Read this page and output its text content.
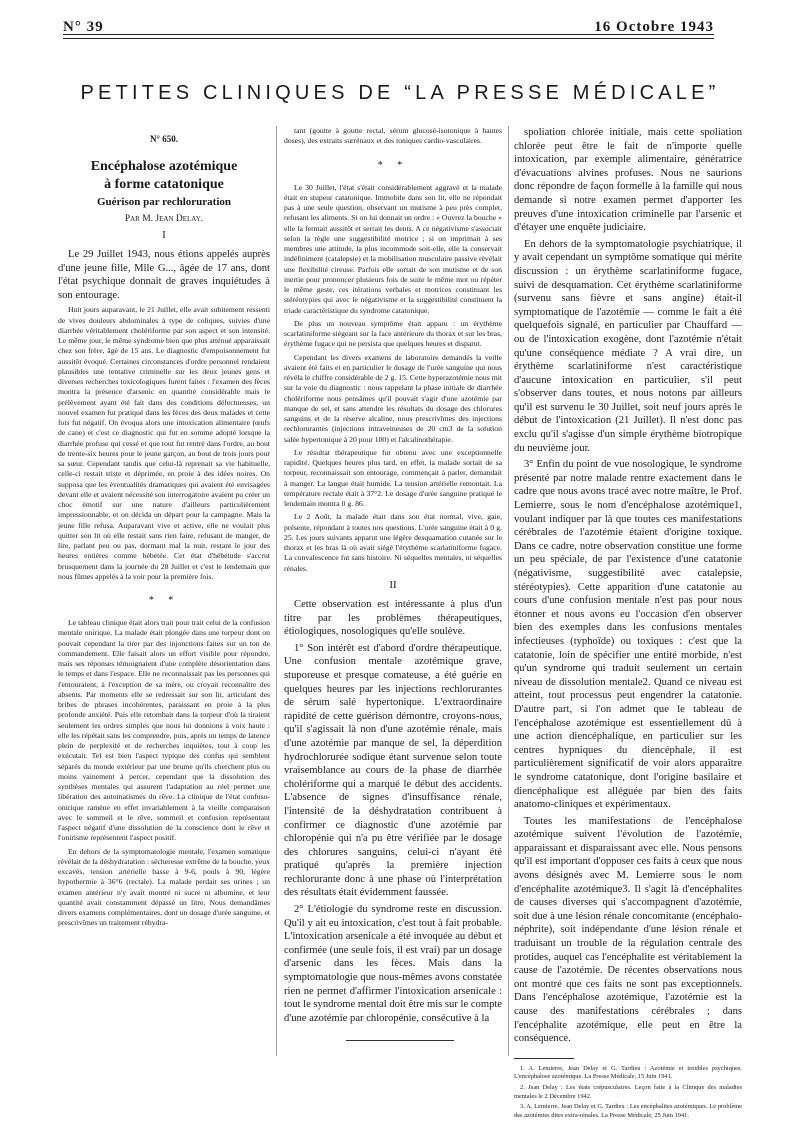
N° 39	16 Octobre 1943
PETITES CLINIQUES DE “LA PRESSE MÉDICALE”
N° 650.
Encéphalose azotémique
à forme catatonique
Guérison par rechloruration
Par M. Jean Delay.
I

Le 29 Juillet 1943, nous étions appelés auprès d'une jeune fille, Mlle G..., âgée de 17 ans, dont l'état psychique donnait de graves inquiétudes à son entourage.

Huit jours auparavant, le 21 Juillet, elle avait subitement ressenti de vives douleurs abdominales à type de coliques, suivies d'une diarrhée véritablement cholériforme par son aspect et son intensité. Le même jour, le même syndrome bien que plus atténué apparaissait chez son frère, âgé de 15 ans. Le diagnostic d'empoisonnement fut aussitôt évoqué. Certaines circonstances d'ordre personnel rendaient plausibles une tentative criminelle sur les deux jeunes gens et diverses recherches toxicologiques furent faites : l'examen des fèces montra la présence d'arsenic en quantité considérable mais le prélèvement ayant été fait dans des conditions défectueuses, un nouvel examen fut pratiqué dans les fèces des deux malades et cette fois fut négatif. On évoqua alors une intoxication alimentaire (œufs de cane) et c'est ce diagnostic qui fut en somme adopté lorsque la diarrhée profuse qui cessé et que tout fut rentré dans l'ordre, au bout de trente-six heures pour le jeune garçon, au bout de trois jours pour sa sœur. Cependant tandis que celui-là reprenait sa vie habituelle, celle-ci restait triste et déprimée, en proie à des idées noires. On supposa que les éventualités dramatiques qui avaient été envisagées devant elle et avaient nécessité son interrogatoire avaient pu créer un choc émotif sur une nature d'ailleurs particulièrement impressionnable, et on décida un départ pour la campagne. Mais la jeune fille refusa. Auparavant vive et active, elle ne voulait plus quitter son lit où elle restait sans rien faire, refusant de manger, de lire, parlant peu ou pas, dormant mal la nuit, restant le jour des heures entières comme hébétée. Cet état d'hébétude s'accrut brusquement dans la journée du 28 Juillet et c'est le lendemain que nous fûmes appelés à la voir pour la première fois.

* *

Le tableau clinique était alors trait pour trait celui de la confusion mentale onirique. La malade était plongée dans une torpeur dont on pouvait cependant la tirer par des injonctions faites sur un ton de commandement. Elle faisait alors un effort visible pour répondre, mais ses réponses témoignaient d'une complète désorientation dans le temps et dans l'espace. Elle ne reconnaissait pas les personnes qui l'entouraient, à l'exception de sa mère, ou croyait reconnaître des absents. Par moments elle se redressait sur son lit, articulant des bribes de phrases incohérentes, paraissant en proie à la plus profonde anxiété. Puis elle retombait dans la torpeur d'où la tiraient seulement les ordres simples que nous lui donnions à voix haute : elle les répétait sans les comprendre, puis, après un temps de latence plein de perplexité et de recherches inquiètes, tout à coup les exécutait. Tel est bien l'aspect typique des confus qui semblent séparés du monde extérieur par une brume qu'ils cherchent plus ou moins vainement à percer, cependant que la dissolution des synthèses mentales qui assurent l'adaptation au réel permet une libération des automatismes du rêve. La clinique de l'état confuso-onirique ramène en effet invariablement à la vieille comparaison avec le sommeil et le rêve, sommeil et confusion représentant l'aspect négatif d'une dissolution de la conscience dont le rêve et l'onirisme représentent l'aspect positif.

En dehors de la symptomatologie mentale, l'examen somatique révélait de la déshydratation : sécheresse extrême de la bouche, yeux excavés, tension artérielle basse à 9-6, pouls à 90, légère hypothermie à 36°6 (rectale). La malade perdait ses urines ; un examen antérieur n'y avait montré ni sucre ni albumine, et leur quantité avait constamment dépassé un litre. Nous demandâmes divers examens complémentaires, dont un dosage d'urée sanguine, et prescrivîmes un traitement réhydra-

tant (goutte à goutte rectal, sérum glucosé-isotonique à hautes doses), des extraits surrénaux et des toniques cardio-vasculaires.

* *

Le 30 Juillet, l'état s'était considérablement aggravé et la malade était en stupeur catatonique. Immobile dans son lit, elle ne répondait pas à une seule question, observant un mutisme à peu près complet, refusant les aliments. Si on lui donnait un ordre : « Ouvrez la bouche » elle la fermait aussitôt et serrait les dents. A ce négativisme s'associait selon la règle une suggestibilité motrice ; si on imprimait à ses membres une attitude, la plus incommode soit-elle, elle la conservait indéfiniment (catalepsie) et la mobilisation musculaire passive révélait une flexibilité cireuse. Parfois elle sortait de son mutisme et de son inertie pour prononcer plusieurs fois de suite le même mot ou répéter le même geste, ces itérations verbales et motrices constituant les stéréotypies qui avec le négativisme et la suggestibilité constituent la triade caractéristique du syndrome catatonique.

De plus un nouveau symptôme était apparu : un érythème scarlatiniforme siégeant sur la face antérieure du thorax et sur les bras, érythème fugace qui ne persista que quelques heures et disparut.

Cependant les divers examens de laboratoire demandés la veille avaient été faits et en particulier le dosage de l'urée sanguine qui nous révéla le chiffre considérable de 2 g. 15. Cette hyperazotémie nous mit sur la voie du diagnostic : nous rappelant la phase initiale de diarrhée cholériforme nous pensâmes qu'il pouvait s'agir d'une azotémie par manque de sel, et sans attendre les résultats du dosage des chlorures sanguins et de la réserve alcaline, nous prescrivîmes des injections rechlorurantes (injections intraveineuses de 20 cm3 de la solution salée hypertonique à 20 pour 100) et l'alcalinothérapie.

Le résultat thérapeutique fut obtenu avec une exceptionnelle rapidité. Quelques heures plus tard, en effet, la malade sortait de sa torpeur, reconnaissait son entourage, commençait à parler, demandait à manger. La langue était humide. La tension artérielle remontait. La température rectale était à 37°2. Le dosage d'urée sanguine pratiqué le lendemain montra 0 g. 86.

Le 2 Août, la malade était dans son état normal, vive, gaie, présente, répondant à toutes nos questions. L'urée sanguine était à 0 g. 25. Les jours suivants apparut une légère desquamation cutanée sur le thorax et les bras là où avait siégé l'érythème scarlatiniforme fugace. La convalescence fut sans histoire. Ni séquelles mentales, ni séquelles rénales.

II

Cette observation est intéressante à plus d'un titre par les problèmes thérapeutiques, étiologiques, nosologiques qu'elle soulève.

1° Son intérêt est d'abord d'ordre thérapeutique. Une confusion mentale azotémique grave, stuporeuse et presque comateuse, a été guérie en quelques heures par les injections rechlorurantes de sérum salé hypertonique. L'extraordinaire rapidité de cette guérison démontre, croyons-nous, qu'il s'agissait là non d'une azotémie rénale, mais d'une azotémie par manque de sel, la déperdition hydrochlorurée sodique étant survenue selon toute vraisemblance au cours de la phase de diarrhée cholériforme qui a marqué le début des accidents. L'absence de signes d'insuffisance rénale, l'intensité de la déshydratation contribuent à confirmer ce diagnostic d'une azotémie par chloropénie qui n'a pu être vérifiée par le dosage des chlorures sanguins, celui-ci n'ayant été pratiqué qu'après la première injection rechlorurante donc à une phase où l'interprétation des résultats était évidemment faussée.

2° L'étiologie du syndrome reste en discussion. Qu'il y ait eu intoxication, c'est tout à fait probable. L'intoxication arsenicale a été invoquée au début et confirmée (une seule fois, il est vrai) par un dosage d'arsenic dans les fèces. Mais dans la symptomatologie que nous-mêmes avons constatée rien ne permet d'affirmer l'intoxication arsenicale : tout le syndrome mental doit être mis sur le compte d'une azotémie par chloropénie, consécutive à la

spoliation chlorée initiale, mais cette spoliation chlorée peut être le fait de n'importe quelle intoxication, par exemple alimentaire, génératrice d'évacuations alvines profuses. Nous ne saurions donc répondre de façon formelle à la famille qui nous demande si notre examen permet d'apporter les preuves d'une intoxication criminelle par l'arsenic et d'étayer une enquête judiciaire.

En dehors de la symptomatologie psychiatrique, il y avait cependant un symptôme somatique qui mérite discussion : un érythème scarlatiniforme fugace, suivi de desquamation. Cet érythème scarlatiniforme (survenu sans fièvre et sans angine) était-il symptomatique de l'azotémie — comme le fait a été quelquefois signalé, en particulier par Chauffard — ou de l'intoxication exogène, dont l'azotémie n'était qu'une conséquence médiate ? A vrai dire, un érythème scarlatiniforme n'est caractéristique d'aucune intoxication en particulier, s'il peut s'observer dans toutes, et nous notons par ailleurs qu'il est survenu le 30 Juillet, soit neuf jours après le début de l'intoxication (21 Juillet). Il n'est donc pas exclu qu'il s'agisse d'un simple érythème biotropique du neuvième jour.

3° Enfin du point de vue nosologique, le syndrome présenté par notre malade rentre exactement dans le cadre que nous avons tracé avec notre maître, le Prof. Lemierre, sous le nom d'encéphalose azotémique1, voulant indiquer par là que toutes ces manifestations cérébrales de l'azotémie étaient d'origine toxique. Dans ce cadre, notre observation constitue une forme un peu spéciale, de par l'existence d'une catatonie (négativisme, suggestibilité avec catalepsie, stéréotypies). Cette apparition d'une catatonie au cours d'une confusion mentale n'est pas pour nous étonner et nous avons eu l'occasion d'en observer bien des exemples dans les confusions mentales infectieuses (typhoïde) ou toxiques : c'est que la catatonie, loin de spécifier une entité morbide, n'est qu'un syndrome qui traduit seulement un certain niveau de dissolution mentale2. Quand ce niveau est atteint, tout processus peut engendrer la catatonie. D'autre part, si l'on admet que le tableau de l'encéphalose azotémique est essentiellement dû à une action diencéphalique, en particulier sur les centres hypniques du diencéphale, il est particulièrement significatif de voir alors apparaître le syndrome catatonique, dont l'origine basilaire et diencéphalique est alléguée par bien des faits anatomo-cliniques et expérimentaux.

Toutes les manifestations de l'encéphalose azotémique suivent l'évolution de l'azotémie, apparaissant et disparaissant avec elle. Nous pensons qu'il est important d'opposer ces faits à ceux que nous avons désignés avec M. Lemierre sous le nom d'encéphalite azotémique3. Il s'agit là d'encéphalites de causes diverses qui s'accompagnent d'azotémie, soit due à une lésion rénale concomitante (encéphalo-néphrite), soit indépendante d'une lésion rénale et traduisant un trouble de la régulation centrale des protides, auquel cas l'encéphalite est véritablement la cause de l'azotémie. De récentes observations nous ont montré que ces faits ne sont pas exceptionnels. Dans l'encéphalose azotémique, l'azotémie est la cause des manifestations cérébrales ; dans l'encéphalite azotémique, elle peut en être la conséquence.

1. A. Lemierre, Jean Delay et G. Tardieu : Azotémie et troubles psychiques. L'encéphalose azotémique. La Presse Médicale, 15 Juin 1941.

2. Jean Delay : Les états crépusculaires. Leçon faite à la Clinique des maladies mentales le 2 Décembre 1942.

3. A. Lemierre, Jean Delay et G. Tardieu : Les encéphalites azotémiques. Le problème des azotémies dites extra-rénales. La Presse Médicale, 25 Juin 1941.
